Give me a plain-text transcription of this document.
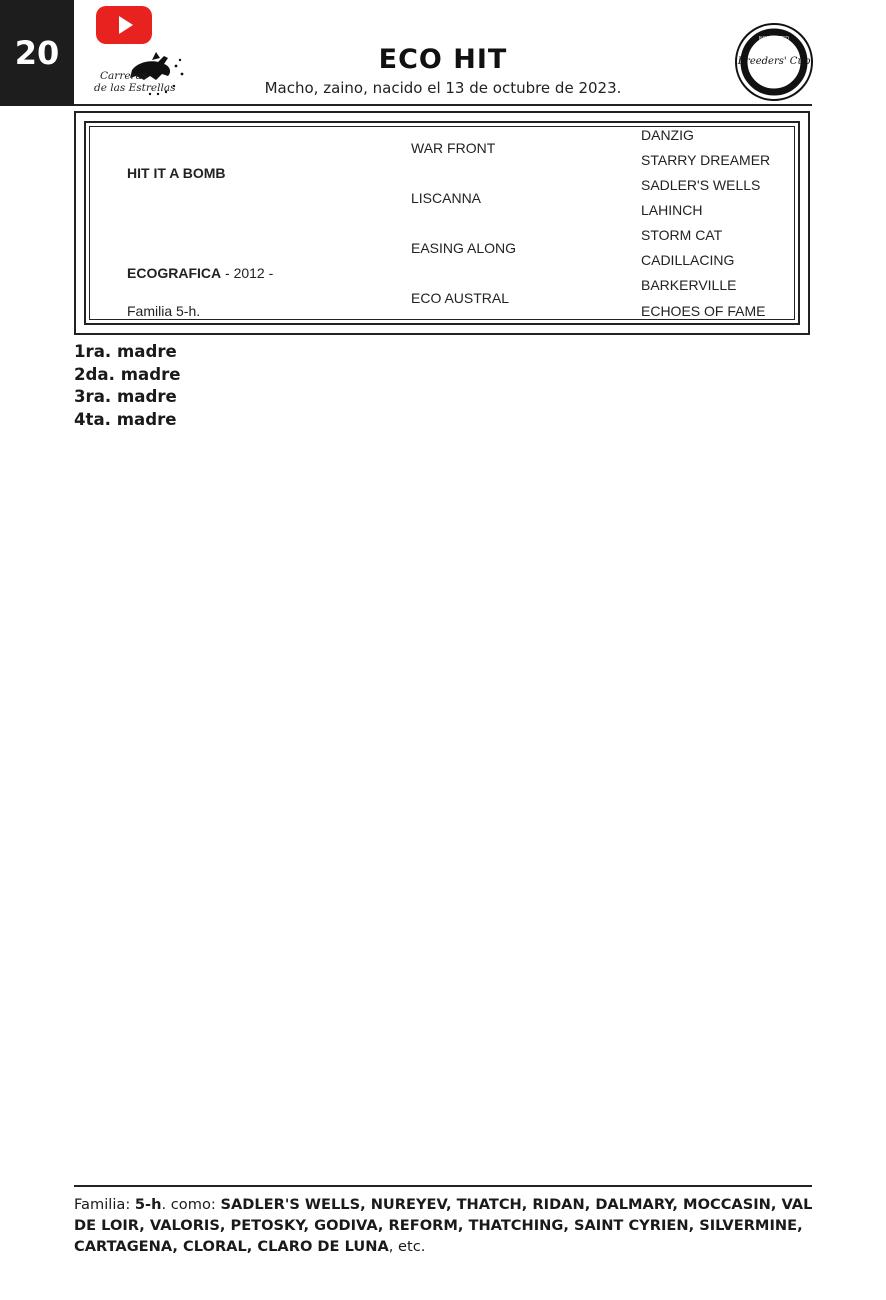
20
Carreras
de las Estrellas
ECO HIT
Macho, zaino, nacido el 13 de octubre de 2023.
Breeders' Cup
NOMINATED
HIT IT A BOMB
ECOGRAFICA - 2012 -
Familia 5-h.
WAR FRONT
LISCANNA
EASING ALONG
ECO AUSTRAL
DANZIG
STARRY DREAMER
SADLER'S WELLS
LAHINCH
STORM CAT
CADILLACING
BARKERVILLE
ECHOES OF FAME

1ra. madre

2da. madre

3ra. madre

4ta. madre

Familia: 5-h. como: SADLER'S WELLS, NUREYEV, THATCH, RIDAN, DALMARY, MOCCASIN, VAL DE LOIR, VALORIS, PETOSKY, GODIVA, REFORM, THATCHING, SAINT CYRIEN, SILVERMINE, CARTAGENA, CLORAL, CLARO DE LUNA, etc.
